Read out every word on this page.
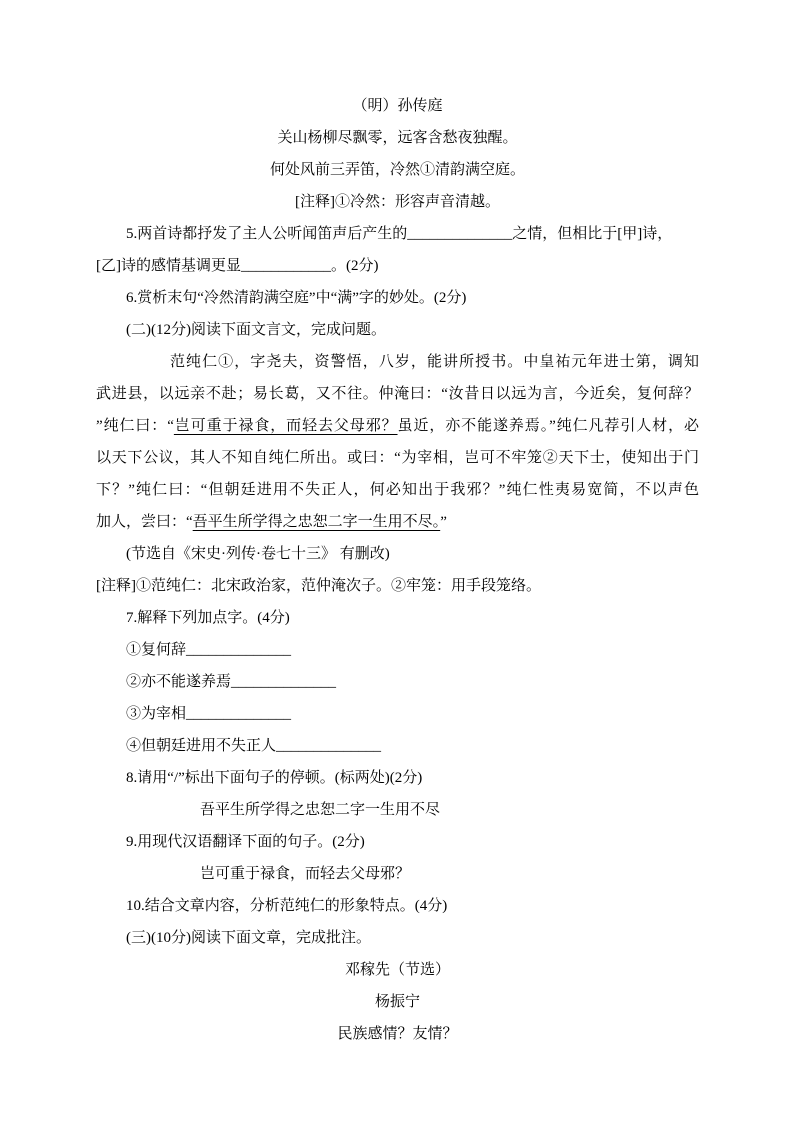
（明）孙传庭
关山杨柳尽飘零，远客含愁夜独醒。
何处风前三弄笛，冷然①清韵满空庭。
[注释]①冷然：形容声音清越。
5.两首诗都抒发了主人公听闻笛声后产生的______________之情，但相比于[甲]诗，
[乙]诗的感情基调更显____________。(2分)
6.赏析末句“冷然清韵满空庭”中“满”字的妙处。(2分)
(二)(12分)阅读下面文言文，完成问题。
范纯仁①，字尧夫，资警悟，八岁，能讲所授书。中皇祐元年进士第，调知
武进县，以远亲不赴；易长葛，又不往。仲淹曰：“汝昔日以远为言，今近矣，复何辞？
”纯仁曰：“岂可重于禄食，而轻去父母邪？虽近，亦不能遂养焉。”纯仁凡荐引人材，必
以天下公议，其人不知自纯仁所出。或曰：“为宰相，岂可不牢笼②天下士，使知出于门
下？”纯仁曰：“但朝廷进用不失正人，何必知出于我邪？”纯仁性夷易宽简，不以声色
加人，尝曰：“吾平生所学得之忠恕二字一生用不尽。”
(节选自《宋史·列传·卷七十三》 有删改)
[注释]①范纯仁：北宋政治家，范仲淹次子。②牢笼：用手段笼络。
7.解释下列加点字。(4分)
①复何辞______________
②亦不能遂养焉______________
③为宰相______________
④但朝廷进用不失正人______________
8.请用“/”标出下面句子的停顿。(标两处)(2分)
吾平生所学得之忠恕二字一生用不尽
9.用现代汉语翻译下面的句子。(2分)
岂可重于禄食，而轻去父母邪？
10.结合文章内容，分析范纯仁的形象特点。(4分)
(三)(10分)阅读下面文章，完成批注。
邓稼先（节选）
杨振宁
民族感情？友情？
